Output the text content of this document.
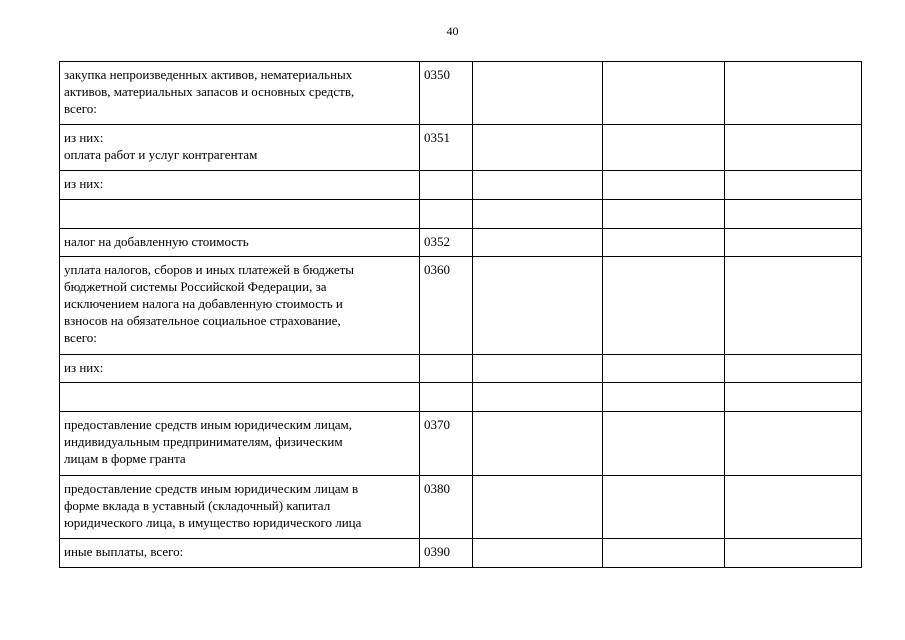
40
закупка непроизведенных активов, нематериальных
активов, материальных запасов и основных средств,
всего:	0350			

из них:
оплата работ и услуг контрагентам	0351			

из них:				

налог на добавленную стоимость	0352			

уплата налогов, сборов и иных платежей в бюджеты
бюджетной системы Российской Федерации, за
исключением налога на добавленную стоимость и
взносов на обязательное социальное страхование,
всего:	0360			

из них:				

предоставление средств иным юридическим лицам,
индивидуальным предпринимателям, физическим
лицам в форме гранта	0370			

предоставление средств иным юридическим лицам в
форме вклада в уставный (складочный) капитал
юридического лица, в имущество юридического лица	0380			

иные выплаты, всего:	0390			
